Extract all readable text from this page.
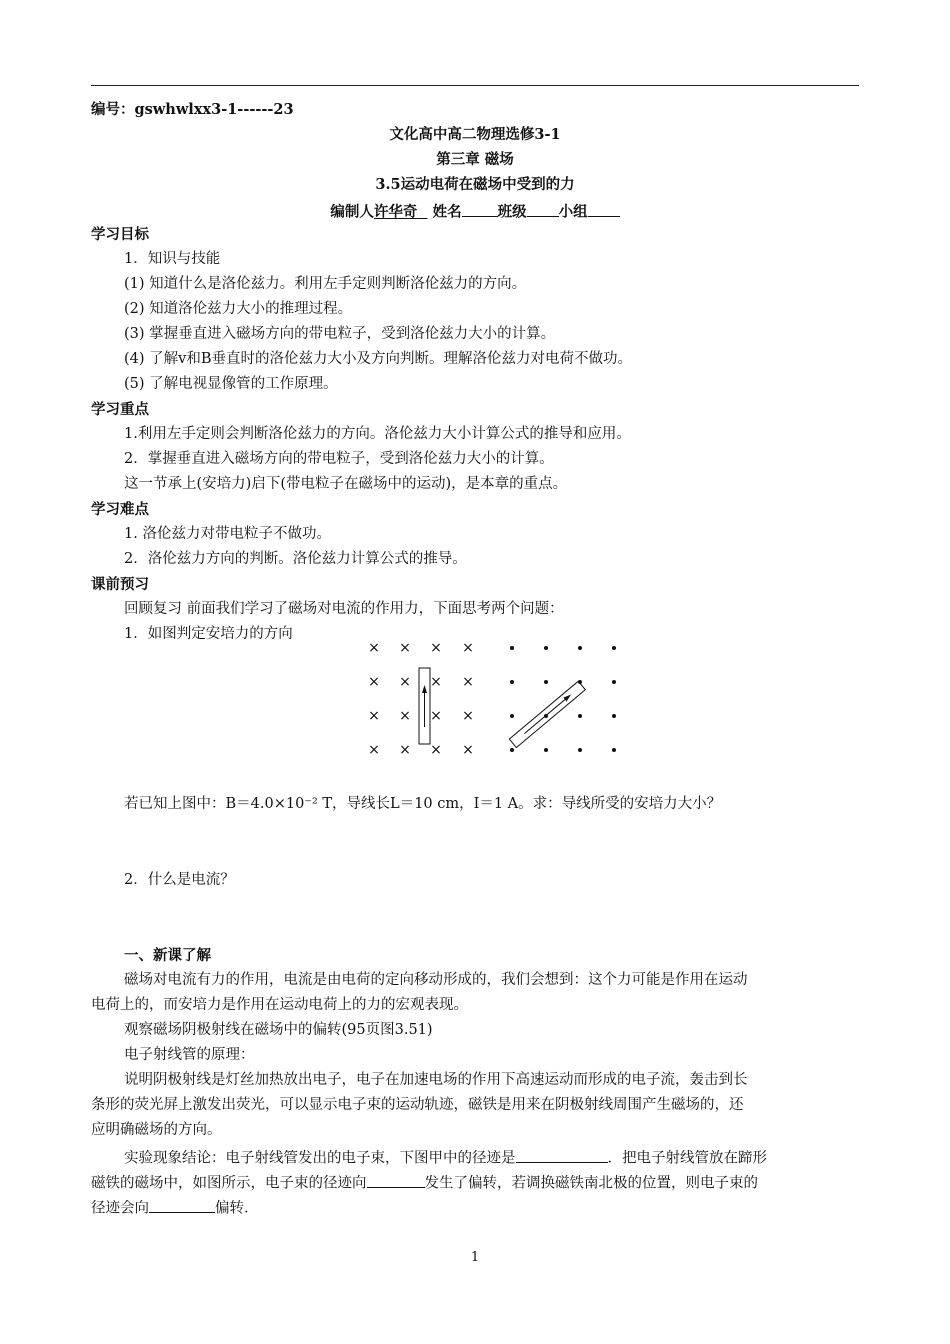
编号：gswhwlxx3-1------23
文化高中高二物理选修3-1
第三章 磁场
3.5运动电荷在磁场中受到的力
编制人许华奇 姓名 班级 小组
学习目标
1．知识与技能
(1) 知道什么是洛伦兹力。利用左手定则判断洛伦兹力的方向。
(2) 知道洛伦兹力大小的推理过程。
(3) 掌握垂直进入磁场方向的带电粒子，受到洛伦兹力大小的计算。
(4) 了解v和B垂直时的洛伦兹力大小及方向判断。理解洛伦兹力对电荷不做功。
(5) 了解电视显像管的工作原理。
学习重点
1.利用左手定则会判断洛伦兹力的方向。洛伦兹力大小计算公式的推导和应用。
2．掌握垂直进入磁场方向的带电粒子，受到洛伦兹力大小的计算。
这一节承上(安培力)启下(带电粒子在磁场中的运动)，是本章的重点。
学习难点
1. 洛伦兹力对带电粒子不做功。
2．洛伦兹力方向的判断。洛伦兹力计算公式的推导。
课前预习
回顾复习 前面我们学习了磁场对电流的作用力，下面思考两个问题：
1．如图判定安培力的方向
× × × ×
× × × ×
× × × ×
× × × ×
若已知上图中：B＝4.0×10⁻² T，导线长L＝10 cm，I＝1 A。求：导线所受的安培力大小？
2．什么是电流？
一、新课了解
磁场对电流有力的作用，电流是由电荷的定向移动形成的，我们会想到：这个力可能是作用在运动
电荷上的，而安培力是作用在运动电荷上的力的宏观表现。
观察磁场阴极射线在磁场中的偏转(95页图3.51)
电子射线管的原理：
说明阴极射线是灯丝加热放出电子，电子在加速电场的作用下高速运动而形成的电子流，轰击到长
条形的荧光屏上激发出荧光，可以显示电子束的运动轨迹，磁铁是用来在阴极射线周围产生磁场的，还
应明确磁场的方向。
实验现象结论：电子射线管发出的电子束，下图甲中的径迹是	．把电子射线管放在蹄形
磁铁的磁场中，如图所示，电子束的径迹向	发生了偏转，若调换磁铁南北极的位置，则电子束的
径迹会向	偏转．
1
